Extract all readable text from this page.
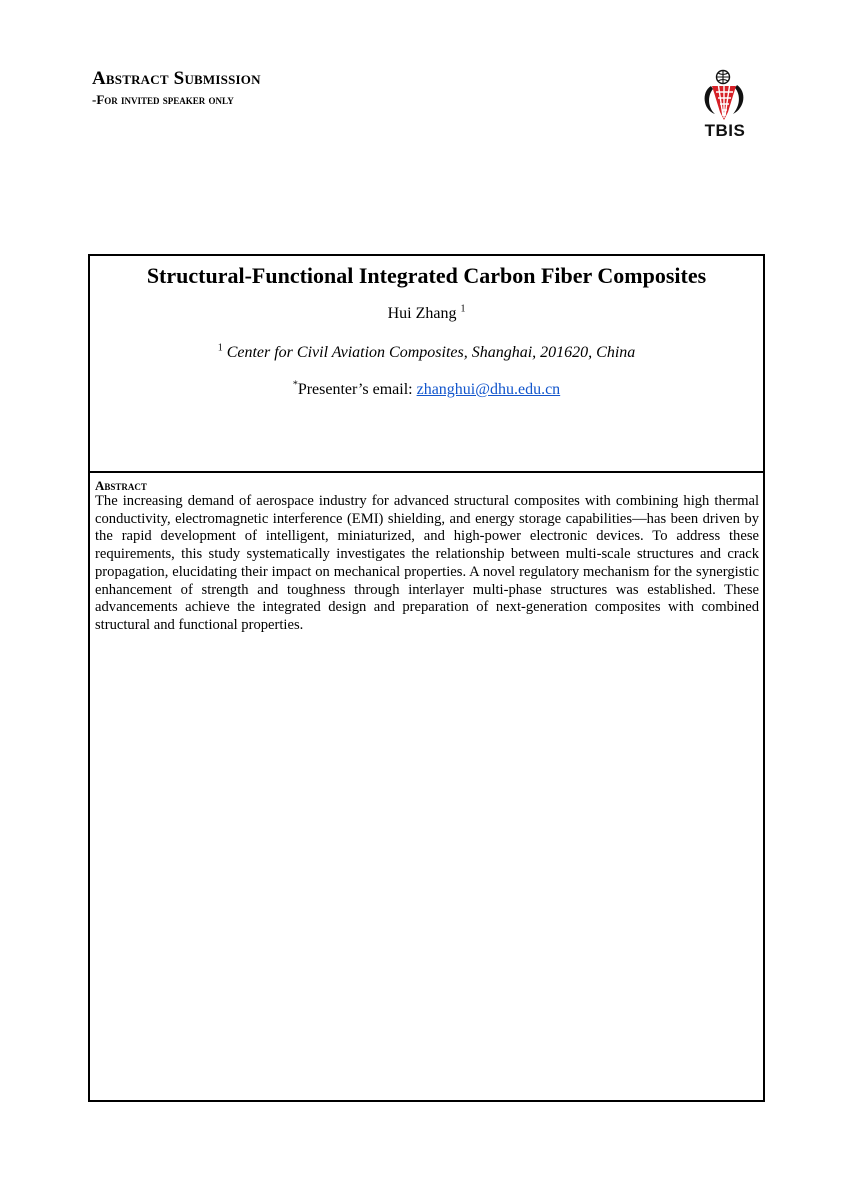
Abstract Submission
-For invited speaker only
TBIS
Structural-Functional Integrated Carbon Fiber Composites
Hui Zhang $^1$
$^1$ Center for Civil Aviation Composites, Shanghai, 201620, China
*Presenter’s email: zhanghui@dhu.edu.cn
Abstract
The increasing demand of aerospace industry for advanced structural composites with combining high thermal conductivity, electromagnetic interference (EMI) shielding, and energy storage capabilities—has been driven by the rapid development of intelligent, miniaturized, and high-power electronic devices. To address these requirements, this study systematically investigates the relationship between multi-scale structures and crack propagation, elucidating their impact on mechanical properties. A novel regulatory mechanism for the synergistic enhancement of strength and toughness through interlayer multi-phase structures was established. These advancements achieve the integrated design and preparation of next-generation composites with combined structural and functional properties.
